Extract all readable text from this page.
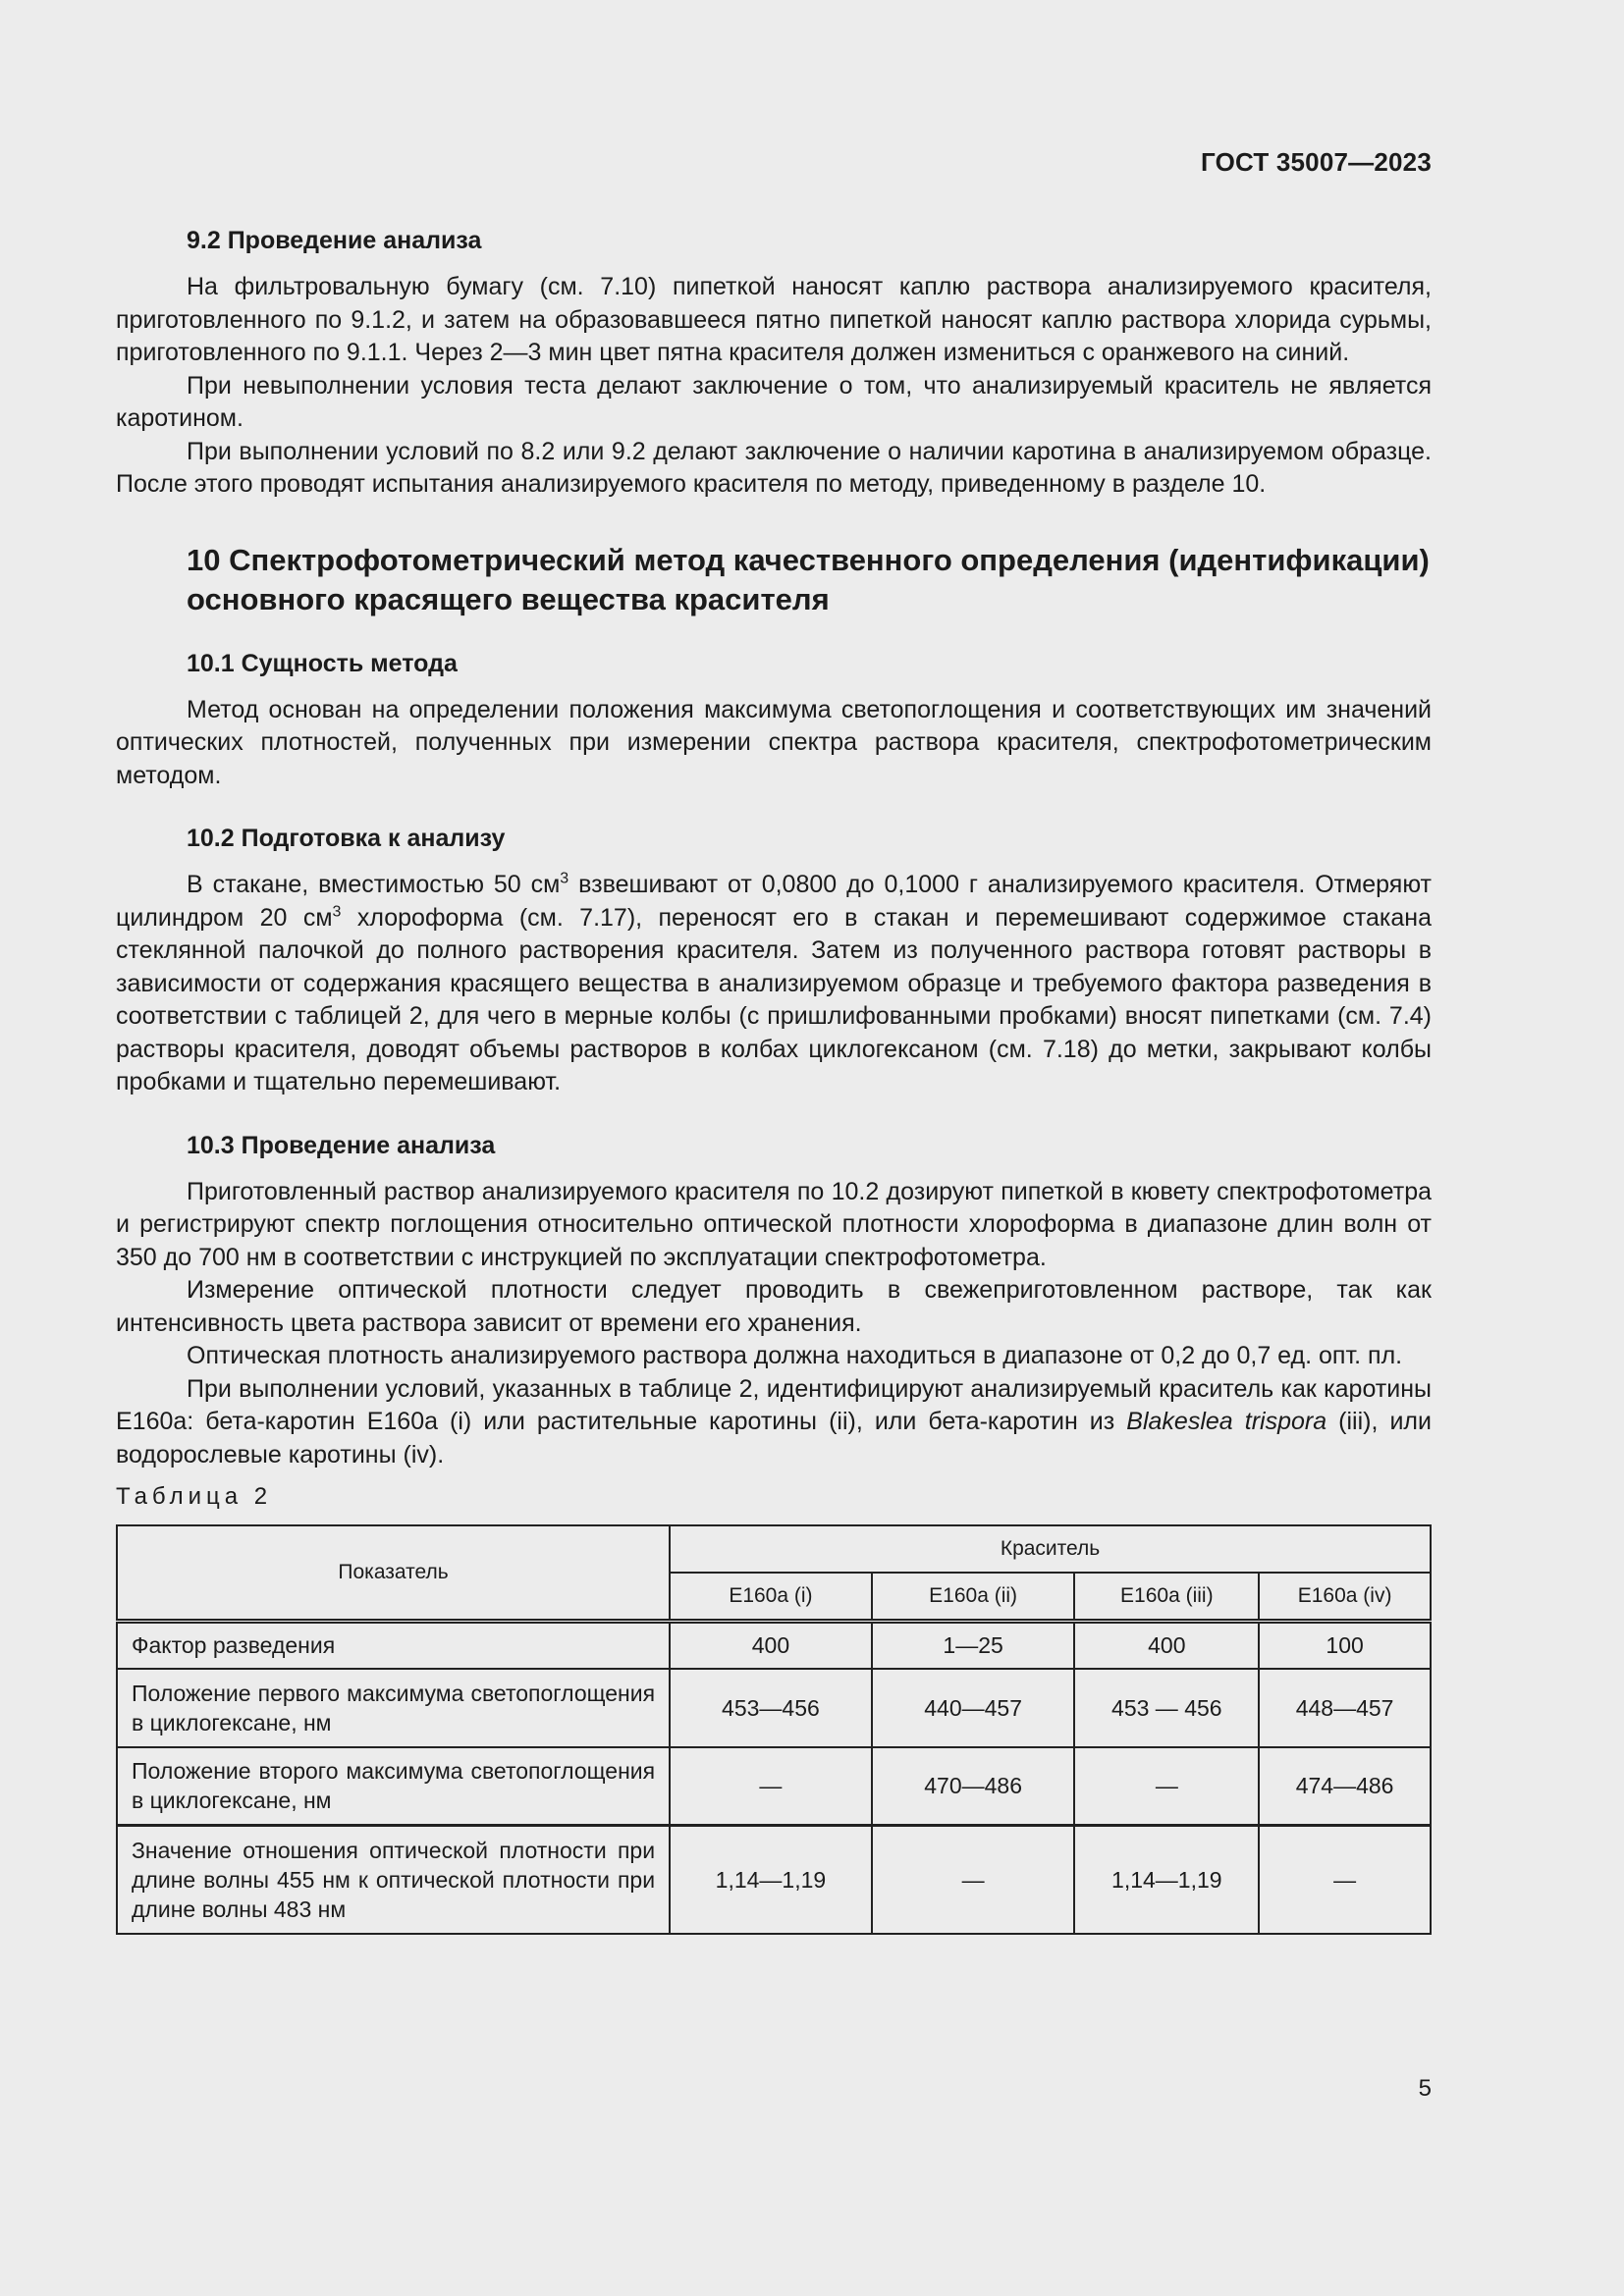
ГОСТ 35007—2023
9.2 Проведение анализа

На фильтровальную бумагу (см. 7.10) пипеткой наносят каплю раствора анализируемого красителя, приготовленного по 9.1.2, и затем на образовавшееся пятно пипеткой наносят каплю раствора хлорида сурьмы, приготовленного по 9.1.1. Через 2—3 мин цвет пятна красителя должен измениться с оранжевого на синий.

При невыполнении условия теста делают заключение о том, что анализируемый краситель не является каротином.

При выполнении условий по 8.2 или 9.2 делают заключение о наличии каротина в анализируемом образце. После этого проводят испытания анализируемого красителя по методу, приведенному в разделе 10.

10 Спектрофотометрический метод качественного определения (идентификации) основного красящего вещества красителя
10.1 Сущность метода

Метод основан на определении положения максимума светопоглощения и соответствующих им значений оптических плотностей, полученных при измерении спектра раствора красителя, спектрофотометрическим методом.

10.2 Подготовка к анализу

В стакане, вместимостью 50 $см^3$ взвешивают от 0,0800 до 0,1000 г анализируемого красителя. Отмеряют цилиндром 20 $см^3$ хлороформа (см. 7.17), переносят его в стакан и перемешивают содержимое стакана стеклянной палочкой до полного растворения красителя. Затем из полученного раствора готовят растворы в зависимости от содержания красящего вещества в анализируемом образце и требуемого фактора разведения в соответствии с таблицей 2, для чего в мерные колбы (с пришлифованными пробками) вносят пипетками (см. 7.4) растворы красителя, доводят объемы растворов в колбах циклогексаном (см. 7.18) до метки, закрывают колбы пробками и тщательно перемешивают.

10.3 Проведение анализа

Приготовленный раствор анализируемого красителя по 10.2 дозируют пипеткой в кювету спектрофотометра и регистрируют спектр поглощения относительно оптической плотности хлороформа в диапазоне длин волн от 350 до 700 нм в соответствии с инструкцией по эксплуатации спектрофотометра.

Измерение оптической плотности следует проводить в свежеприготовленном растворе, так как интенсивность цвета раствора зависит от времени его хранения.

Оптическая плотность анализируемого раствора должна находиться в диапазоне от 0,2 до 0,7 ед. опт. пл.

При выполнении условий, указанных в таблице 2, идентифицируют анализируемый краситель как каротины Е160а: бета-каротин Е160а (i) или растительные каротины (ii), или бета-каротин из Blakeslea trispora (iii), или водорослевые каротины (iv).

Таблица 2
Показатель	Краситель			
	E160a (i)	E160a (ii)	E160a (iii)	E160a (iv)
Фактор разведения	400	1—25	400	100
Положение первого максимума светопоглощения в циклогексане, нм	453—456	440—457	453 — 456	448—457
Положение второго максимума светопоглощения в циклогексане, нм	—	470—486	—	474—486
Значение отношения оптической плотности при длине волны 455 нм к оптической плотности при длине волны 483 нм	1,14—1,19	—	1,14—1,19	—
5
